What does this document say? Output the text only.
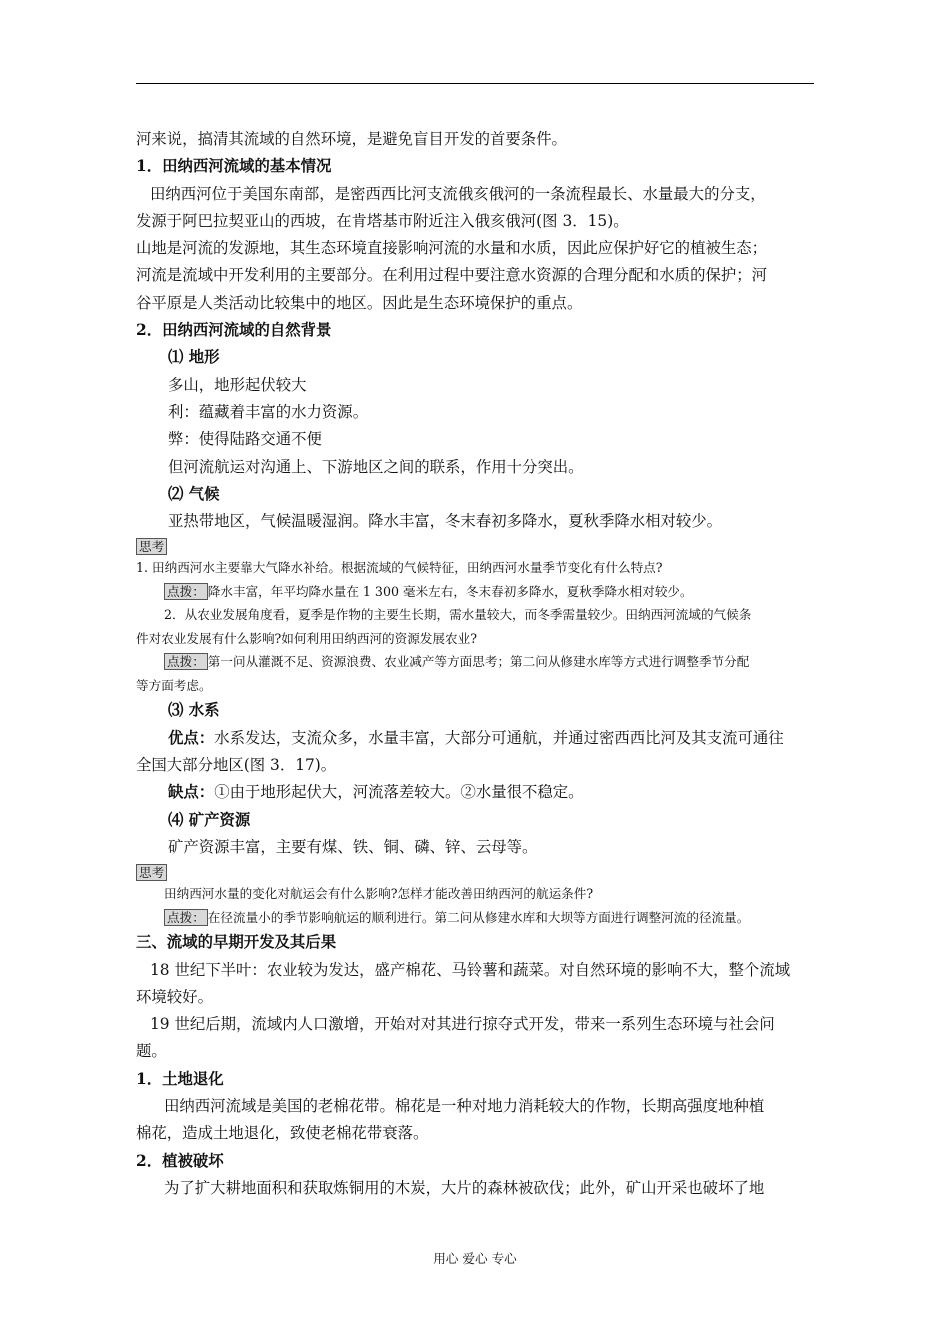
河来说，搞清其流域的自然环境，是避免盲目开发的首要条件。
1．田纳西河流域的基本情况
田纳西河位于美国东南部，是密西西比河支流俄亥俄河的一条流程最长、水量最大的分支，
发源于阿巴拉契亚山的西坡，在肯塔基市附近注入俄亥俄河(图 3．15)。
山地是河流的发源地，其生态环境直接影响河流的水量和水质，因此应保护好它的植被生态；
河流是流域中开发利用的主要部分。在利用过程中要注意水资源的合理分配和水质的保护；河
谷平原是人类活动比较集中的地区。因此是生态环境保护的重点。
2．田纳西河流域的自然背景
⑴ 地形
多山，地形起伏较大
利：蕴藏着丰富的水力资源。
弊：使得陆路交通不便
但河流航运对沟通上、下游地区之间的联系，作用十分突出。
⑵ 气候
亚热带地区，气候温暖湿润。降水丰富，冬末春初多降水，夏秋季降水相对较少。
思考
1. 田纳西河水主要靠大气降水补给。根据流域的气候特征，田纳西河水量季节变化有什么特点?
点拨： 降水丰富，年平均降水量在 1 300 毫米左右，冬末春初多降水，夏秋季降水相对较少。
2．从农业发展角度看，夏季是作物的主要生长期，需水量较大，而冬季需量较少。田纳西河流域的气候条
件对农业发展有什么影响?如何利用田纳西河的资源发展农业?
点拨： 第一问从灌溉不足、资源浪费、农业减产等方面思考；第二问从修建水库等方式进行调整季节分配
等方面考虑。
⑶ 水系
优点：水系发达，支流众多，水量丰富，大部分可通航，并通过密西西比河及其支流可通往
全国大部分地区(图 3．17)。
缺点：①由于地形起伏大，河流落差较大。②水量很不稳定。
⑷ 矿产资源
矿产资源丰富，主要有煤、铁、铜、磷、锌、云母等。
思考
田纳西河水量的变化对航运会有什么影响?怎样才能改善田纳西河的航运条件?
点拨： 在径流量小的季节影响航运的顺利进行。第二问从修建水库和大坝等方面进行调整河流的径流量。
三、流域的早期开发及其后果
18 世纪下半叶：农业较为发达，盛产棉花、马铃薯和蔬菜。对自然环境的影响不大，整个流域
环境较好。
19 世纪后期，流域内人口激增，开始对对其进行掠夺式开发，带来一系列生态环境与社会问
题。
1．土地退化
田纳西河流域是美国的老棉花带。棉花是一种对地力消耗较大的作物，长期高强度地种植
棉花，造成土地退化，致使老棉花带衰落。
2．植被破坏
为了扩大耕地面积和获取炼铜用的木炭，大片的森林被砍伐；此外，矿山开采也破坏了地
用心 爱心 专心
